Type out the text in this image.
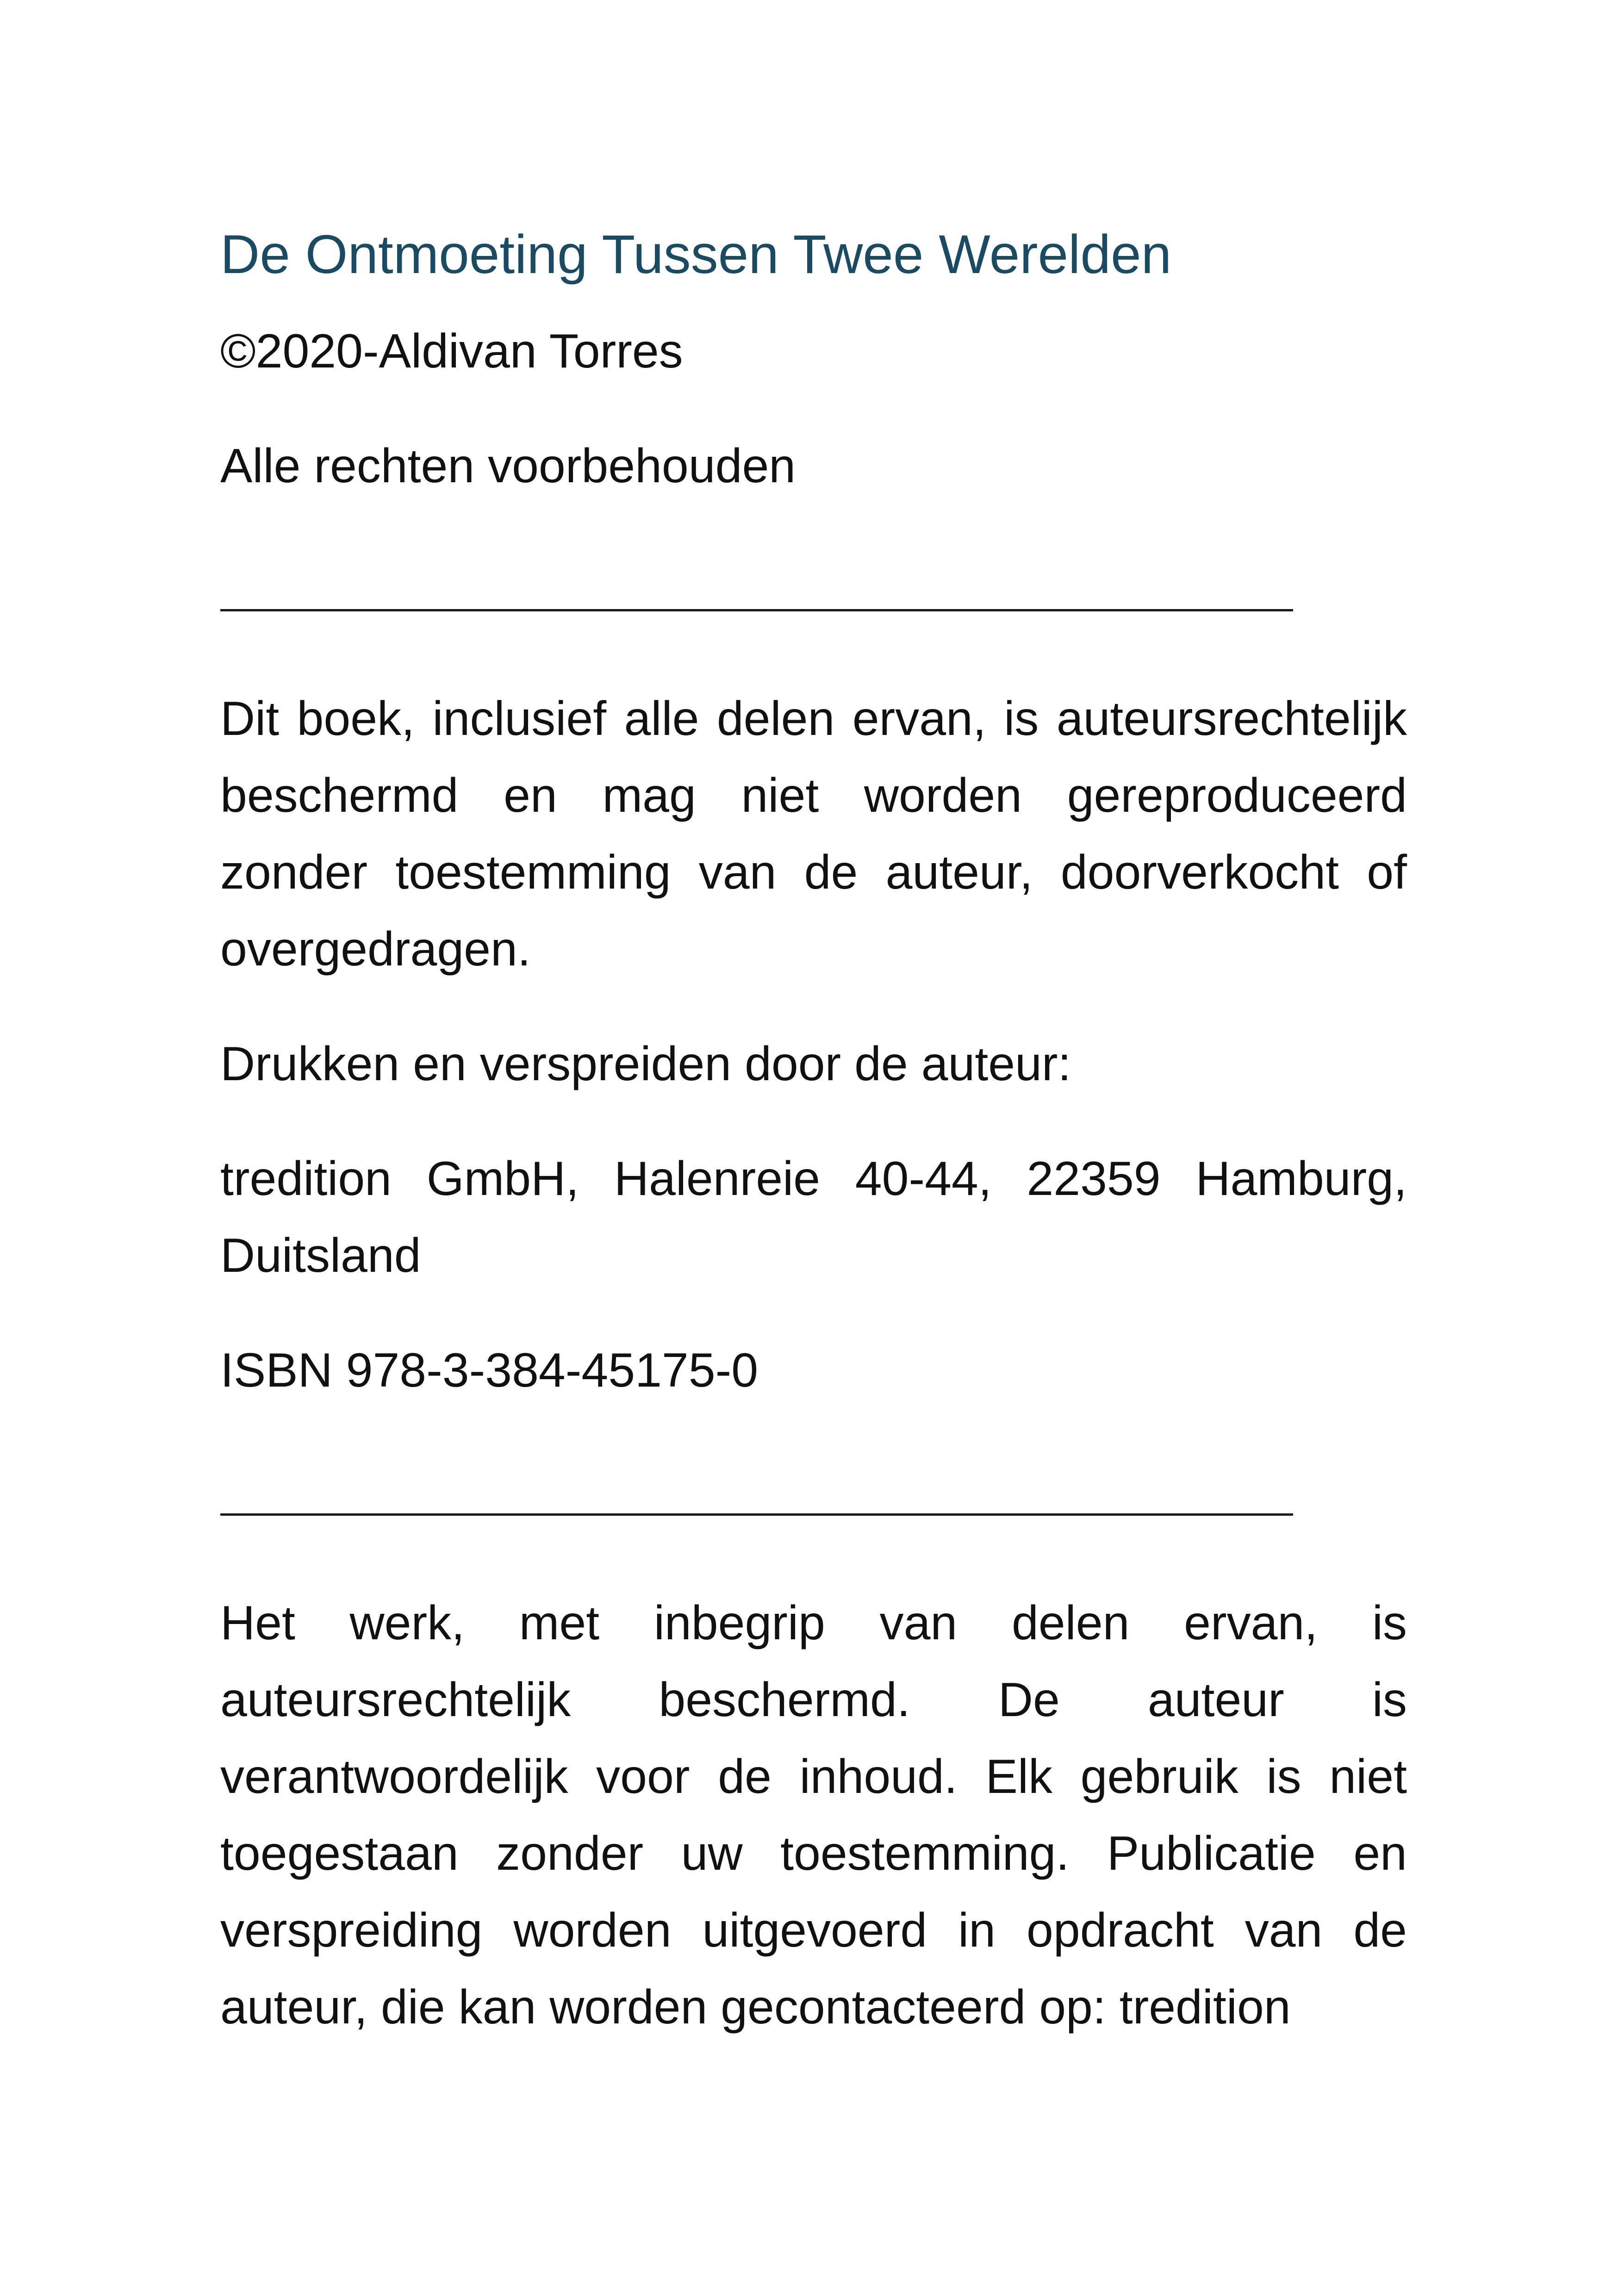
De Ontmoeting Tussen Twee Werelden

©2020-Aldivan Torres

Alle rechten voorbehouden

Dit boek, inclusief alle delen ervan, is auteursrechtelijk beschermd en mag niet worden gereproduceerd zonder toestemming van de auteur, doorverkocht of overgedragen.

Drukken en verspreiden door de auteur:

tredition GmbH, Halenreie 40-44, 22359 Hamburg, Duitsland

ISBN 978-3-384-45175-0

Het werk, met inbegrip van delen ervan, is auteursrechtelijk beschermd. De auteur is verantwoordelijk voor de inhoud. Elk gebruik is niet toegestaan zonder uw toestemming. Publicatie en verspreiding worden uitgevoerd in opdracht van de auteur, die kan worden gecontacteerd op: tredition
